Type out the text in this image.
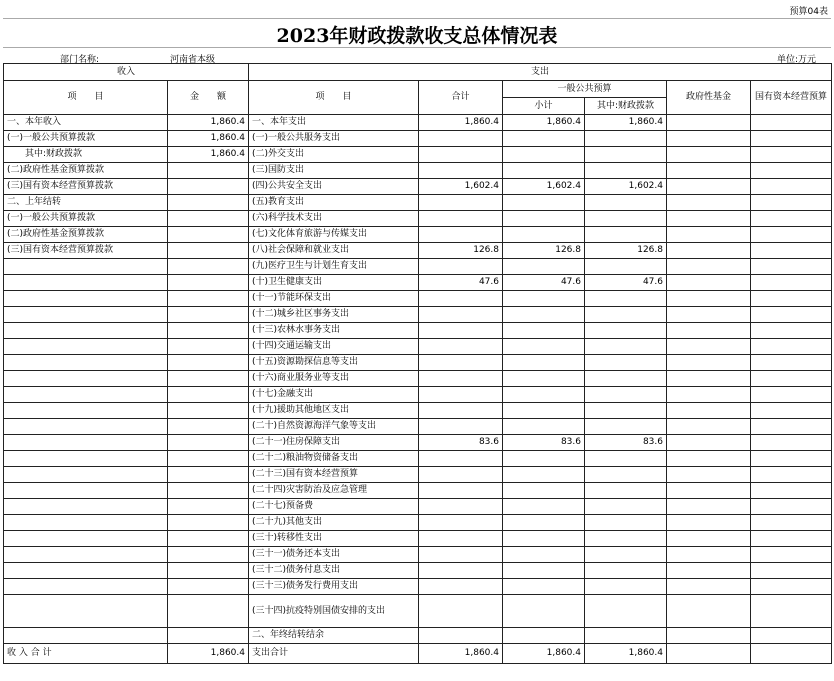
预算04表
2023年财政拨款收支总体情况表
部门名称:	河南省本级	单位:万元
收入		支出					
项　　目	金　　额	项　　目	合计	一般公共预算		政府性基金	国有资本经营预算
				小计	其中:财政拨款		
一、本年收入	1,860.4	一、本年支出	1,860.4	1,860.4	1,860.4		
(一)一般公共预算拨款	1,860.4	(一)一般公共服务支出					
　　其中:财政拨款	1,860.4	(二)外交支出					
(二)政府性基金预算拨款		(三)国防支出					
(三)国有资本经营预算拨款		(四)公共安全支出	1,602.4	1,602.4	1,602.4		
二、上年结转		(五)教育支出					
(一)一般公共预算拨款		(六)科学技术支出					
(二)政府性基金预算拨款		(七)文化体育旅游与传媒支出					
(三)国有资本经营预算拨款		(八)社会保障和就业支出	126.8	126.8	126.8		
		(九)医疗卫生与计划生育支出					
		(十)卫生健康支出	47.6	47.6	47.6		
		(十一)节能环保支出					
		(十二)城乡社区事务支出					
		(十三)农林水事务支出					
		(十四)交通运输支出					
		(十五)资源勘探信息等支出					
		(十六)商业服务业等支出					
		(十七)金融支出					
		(十九)援助其他地区支出					
		(二十)自然资源海洋气象等支出					
		(二十一)住房保障支出	83.6	83.6	83.6		
		(二十二)粮油物资储备支出					
		(二十三)国有资本经营预算					
		(二十四)灾害防治及应急管理					
		(二十七)预备费					
		(二十九)其他支出					
		(三十)转移性支出					
		(三十一)债务还本支出					
		(三十二)债务付息支出					
		(三十三)债务发行费用支出					
		(三十四)抗疫特别国债安排的支出					
		二、年终结转结余					
收 入 合 计	1,860.4	支出合计	1,860.4	1,860.4	1,860.4		
